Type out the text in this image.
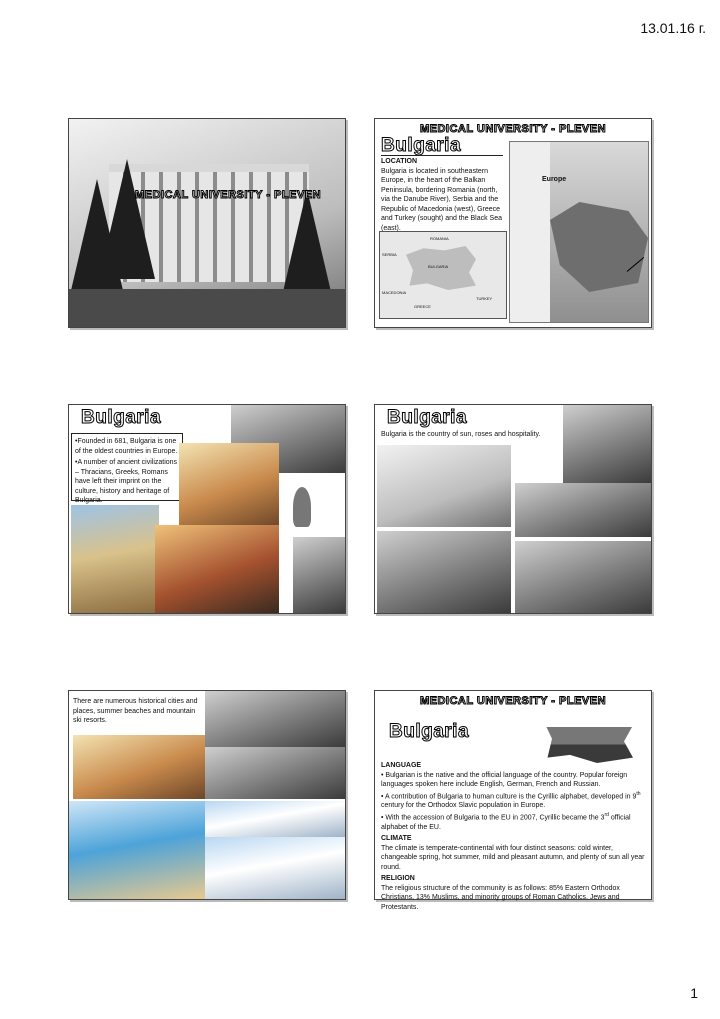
13.01.16 г.
MEDICAL UNIVERSITY - PLEVEN
MEDICAL UNIVERSITY - PLEVEN
Bulgaria
LOCATION
Bulgaria is located in southeastern Europe, in the heart of the Balkan Peninsula, bordering Romania (north, via the Danube River), Serbia and the Republic of Macedonia (west), Greece and Turkey (sought) and the Black Sea (east).
ROMANIA
SERBIA
BULGARIA
MACEDONIA
GREECE
TURKEY
Europe
Bulgaria
•Founded in 681, Bulgaria is one of the oldest countries in Europe.
•A number of ancient civilizations – Thracians, Greeks, Romans have left their imprint on the culture, history and heritage of Bulgaria.
Bulgaria
Bulgaria is the country of sun, roses and hospitality.
There are numerous historical cities and places, summer beaches and mountain ski resorts.
MEDICAL UNIVERSITY - PLEVEN
Bulgaria
LANGUAGE
• Bulgarian is the native and the official language of the country. Popular foreign languages spoken here include English, German, French and Russian.
• A contribution of Bulgaria to human culture is the Cyrillic alphabet, developed in 9th century for the Orthodox Slavic population in Europe.
• With the accession of Bulgaria to the EU in 2007, Cyrillic became the 3rd official alphabet of the EU.
CLIMATE
The climate is temperate-continental with four distinct seasons: cold winter, changeable spring, hot summer, mild and pleasant autumn, and plenty of sun all year round.
RELIGION
The religious structure of the community is as follows: 85% Eastern Orthodox Christians, 13% Muslims, and minority groups of Roman Catholics, Jews and Protestants.
1
